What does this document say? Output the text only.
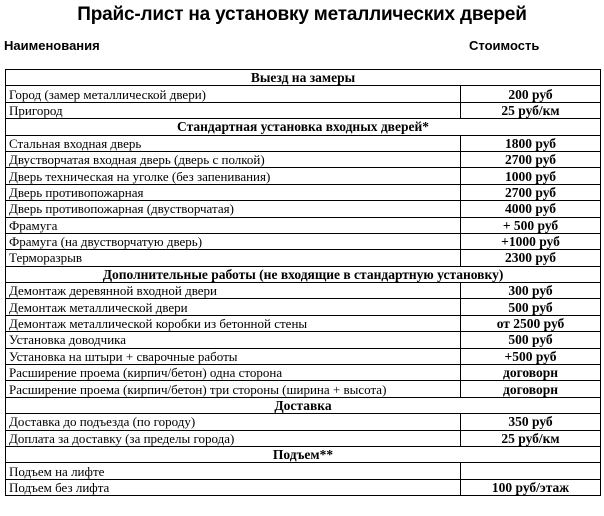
Прайс-лист на установку металлических дверей
Наименования	Стоимость
Выезд на замеры	
Город (замер металлической двери)	200 руб
Пригород	25 руб/км
Стандартная установка входных дверей*	
Стальная входная дверь	1800 руб
Двустворчатая входная дверь (дверь с полкой)	2700 руб
Дверь техническая на уголке (без запенивания)	1000 руб
Дверь противопожарная	2700 руб
Дверь противопожарная (двустворчатая)	4000 руб
Фрамуга	+ 500 руб
Фрамуга (на двустворчатую дверь)	+1000 руб
Терморазрыв	2300 руб
Дополнительные работы (не входящие в стандартную установку)	
Демонтаж деревянной входной двери	300 руб
Демонтаж металлической двери	500 руб
Демонтаж металлической коробки из бетонной стены	от 2500 руб
Установка доводчика	500 руб
Установка на штыри + сварочные работы	+500 руб
Расширение проема (кирпич/бетон) одна сторона	договорн
Расширение проема (кирпич/бетон) три стороны (ширина + высота)	договорн
Доставка	
Доставка до подъезда (по городу)	350 руб
Доплата за доставку (за пределы города)	25 руб/км
Подъем**	
Подъем на лифте	
Подъем без лифта	100 руб/этаж
